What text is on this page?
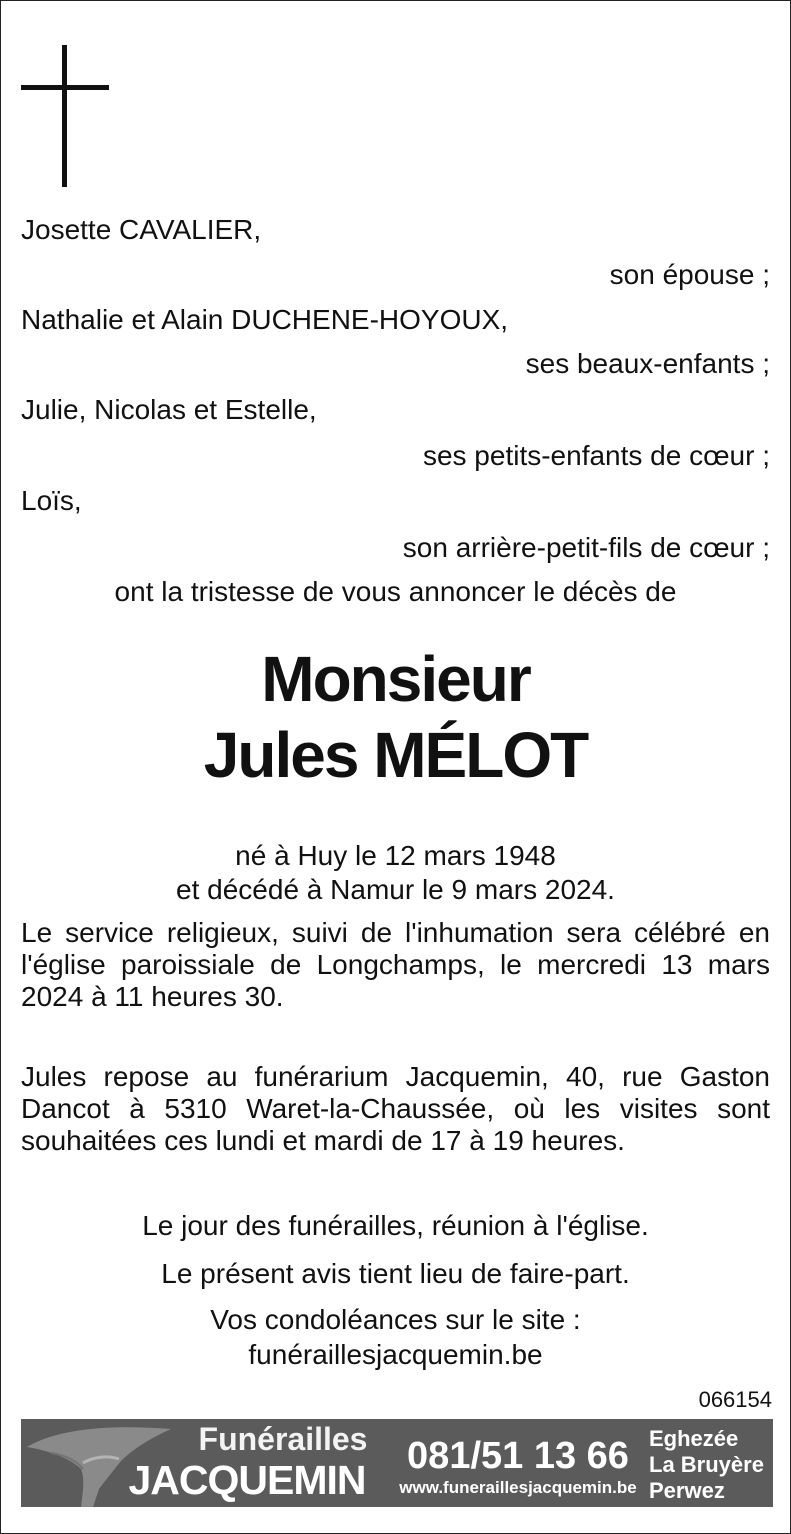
Josette CAVALIER,
son épouse ;
Nathalie et Alain DUCHENE-HOYOUX,
ses beaux-enfants ;
Julie, Nicolas et Estelle,
ses petits-enfants de cœur ;
Loïs,
son arrière-petit-fils de cœur ;
ont la tristesse de vous annoncer le décès de
Monsieur
Jules MÉLOT
né à Huy le 12 mars 1948
et décédé à Namur le 9 mars 2024.
Le service religieux, suivi de l'inhumation sera célébré en l'église paroissiale de Longchamps, le mercredi 13 mars 2024 à 11 heures 30.
Jules repose au funérarium Jacquemin, 40, rue Gaston Dancot à 5310 Waret-la-Chaussée, où les visites sont souhaitées ces lundi et mardi de 17 à 19 heures.
Le jour des funérailles, réunion à l'église.
Le présent avis tient lieu de faire-part.
Vos condoléances sur le site :
funéraillesjacquemin.be
066154
Funérailles
JACQUEMIN
081/51 13 66
www.funeraillesjacquemin.be
Eghezée
La Bruyère
Perwez
